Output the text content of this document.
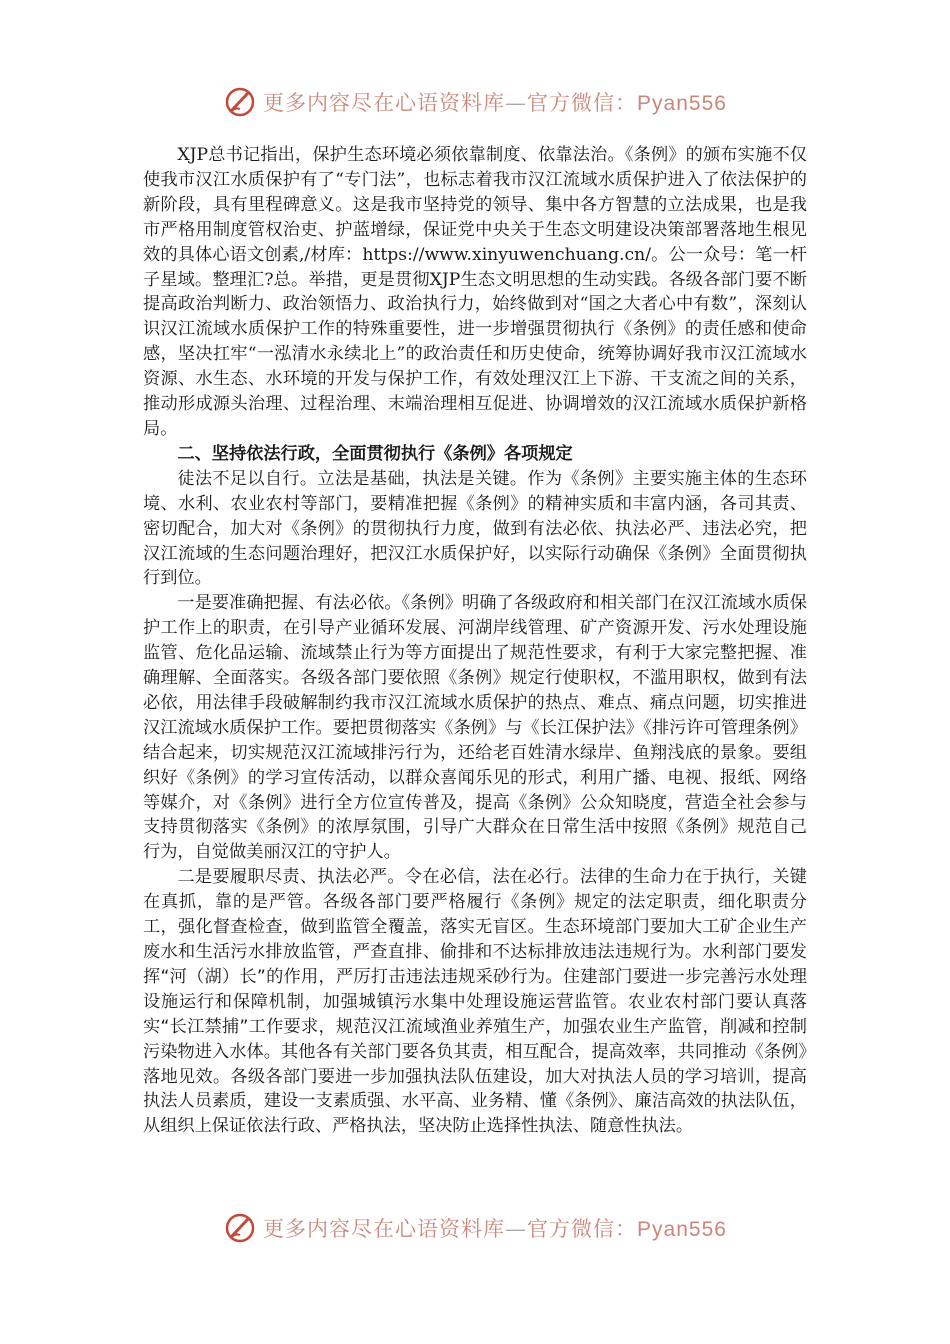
更多内容尽在心语资料库—官方微信：Pyan556

XJP总书记指出，保护生态环境必须依靠制度、依靠法治。《条例》的颁布实施不仅使我市汉江水质保护有了“专门法”，也标志着我市汉江流域水质保护进入了依法保护的新阶段，具有里程碑意义。这是我市坚持党的领导、集中各方智慧的立法成果，也是我市严格用制度管权治吏、护蓝增绿，保证党中央关于生态文明建设决策部署落地生根见效的具体心语文创素,/材库：https://www.xinyuwenchuang.cn/。公一众号：笔一杆子星域。整理汇?总。举措，更是贯彻XJP生态文明思想的生动实践。各级各部门要不断提高政治判断力、政治领悟力、政治执行力，始终做到对“国之大者心中有数”，深刻认识汉江流域水质保护工作的特殊重要性，进一步增强贯彻执行《条例》的责任感和使命感，坚决扛牢“一泓清水永续北上”的政治责任和历史使命，统筹协调好我市汉江流域水资源、水生态、水环境的开发与保护工作，有效处理汉江上下游、干支流之间的关系，推动形成源头治理、过程治理、末端治理相互促进、协调增效的汉江流域水质保护新格局。

二、坚持依法行政，全面贯彻执行《条例》各项规定

徒法不足以自行。立法是基础，执法是关键。作为《条例》主要实施主体的生态环境、水利、农业农村等部门，要精准把握《条例》的精神实质和丰富内涵，各司其责、密切配合，加大对《条例》的贯彻执行力度，做到有法必依、执法必严、违法必究，把汉江流域的生态问题治理好，把汉江水质保护好，以实际行动确保《条例》全面贯彻执行到位。

一是要准确把握、有法必依。《条例》明确了各级政府和相关部门在汉江流域水质保护工作上的职责，在引导产业循环发展、河湖岸线管理、矿产资源开发、污水处理设施监管、危化品运输、流域禁止行为等方面提出了规范性要求，有利于大家完整把握、准确理解、全面落实。各级各部门要依照《条例》规定行使职权，不滥用职权，做到有法必依，用法律手段破解制约我市汉江流域水质保护的热点、难点、痛点问题，切实推进汉江流域水质保护工作。要把贯彻落实《条例》与《长江保护法》《排污许可管理条例》结合起来，切实规范汉江流域排污行为，还给老百姓清水绿岸、鱼翔浅底的景象。要组织好《条例》的学习宣传活动，以群众喜闻乐见的形式，利用广播、电视、报纸、网络等媒介，对《条例》进行全方位宣传普及，提高《条例》公众知晓度，营造全社会参与支持贯彻落实《条例》的浓厚氛围，引导广大群众在日常生活中按照《条例》规范自己行为，自觉做美丽汉江的守护人。

二是要履职尽责、执法必严。令在必信，法在必行。法律的生命力在于执行，关键在真抓，靠的是严管。各级各部门要严格履行《条例》规定的法定职责，细化职责分工，强化督查检查，做到监管全覆盖，落实无盲区。生态环境部门要加大工矿企业生产废水和生活污水排放监管，严查直排、偷排和不达标排放违法违规行为。水利部门要发挥“河（湖）长”的作用，严厉打击违法违规采砂行为。住建部门要进一步完善污水处理设施运行和保障机制，加强城镇污水集中处理设施运营监管。农业农村部门要认真落实“长江禁捕”工作要求，规范汉江流域渔业养殖生产，加强农业生产监管，削减和控制污染物进入水体。其他各有关部门要各负其责，相互配合，提高效率，共同推动《条例》落地见效。各级各部门要进一步加强执法队伍建设，加大对执法人员的学习培训，提高执法人员素质，建设一支素质强、水平高、业务精、懂《条例》、廉洁高效的执法队伍，从组织上保证依法行政、严格执法，坚决防止选择性执法、随意性执法。

更多内容尽在心语资料库—官方微信：Pyan556
